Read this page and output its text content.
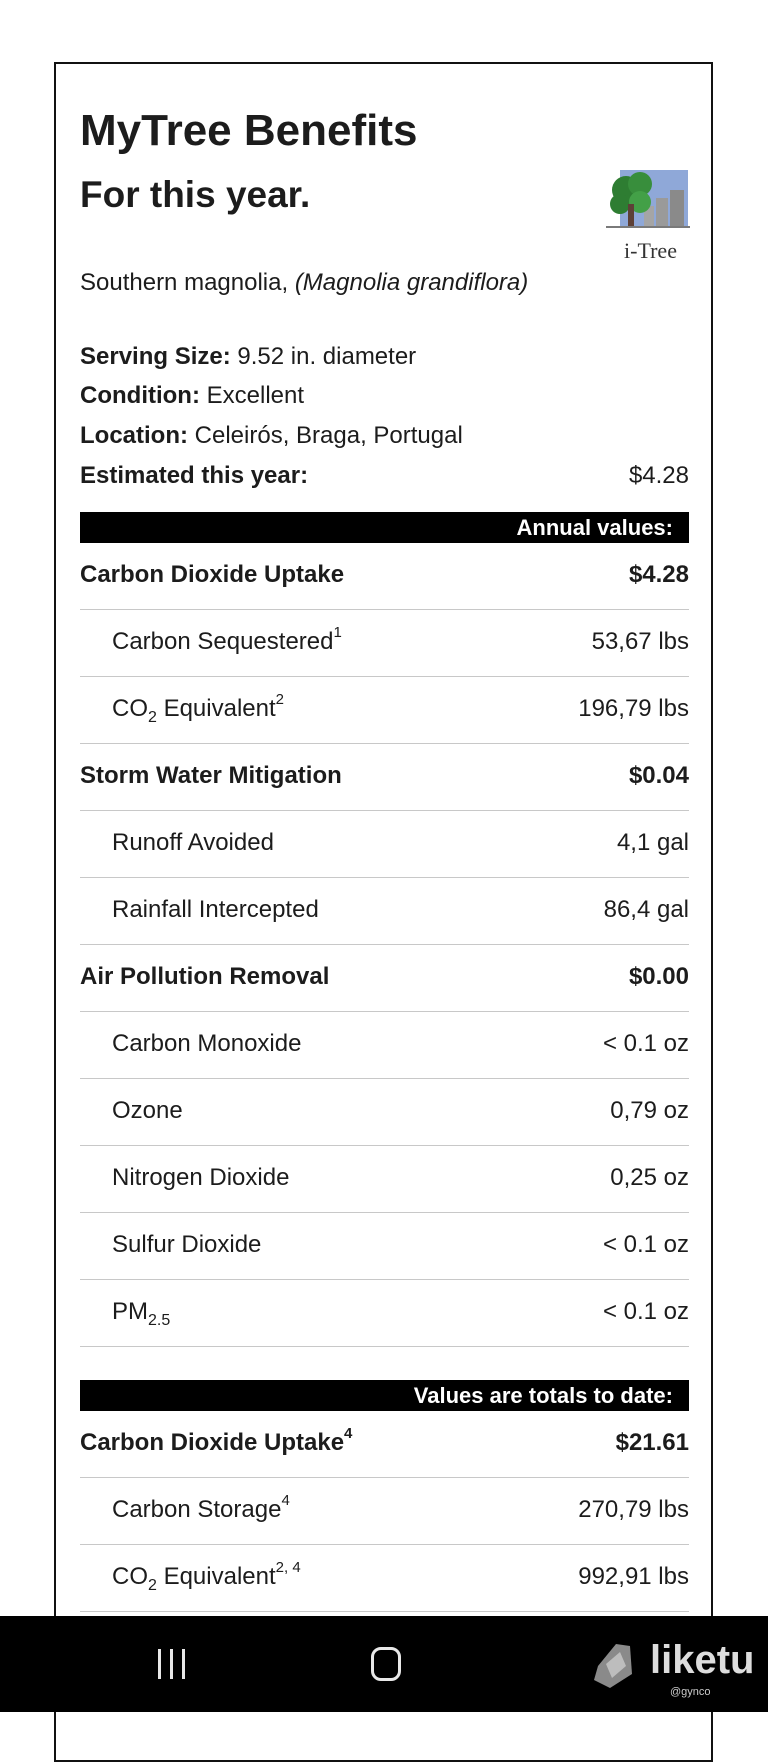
MyTree Benefits
For this year.
i-Tree
Southern magnolia, (Magnolia grandiflora)
Serving Size: 9.52 in. diameter
Condition: Excellent
Location: Celeirós, Braga, Portugal
Estimated this year:	$4.28
Annual values:
Carbon Dioxide Uptake	$4.28
Carbon Sequestered$^1$	53,67 lbs
$CO_2$ Equivalent$^2$	196,79 lbs
Storm Water Mitigation	$0.04
Runoff Avoided	4,1 gal
Rainfall Intercepted	86,4 gal
Air Pollution Removal	$0.00
Carbon Monoxide	< 0.1 oz
Ozone	0,79 oz
Nitrogen Dioxide	0,25 oz
Sulfur Dioxide	< 0.1 oz
$PM_{2.5}$	< 0.1 oz
Values are totals to date:
Carbon Dioxide Uptake$^4$	$21.61
Carbon Storage$^4$	270,79 lbs
$CO_2$ Equivalent$^{2, 4}$	992,91 lbs
liketu
@gynco
